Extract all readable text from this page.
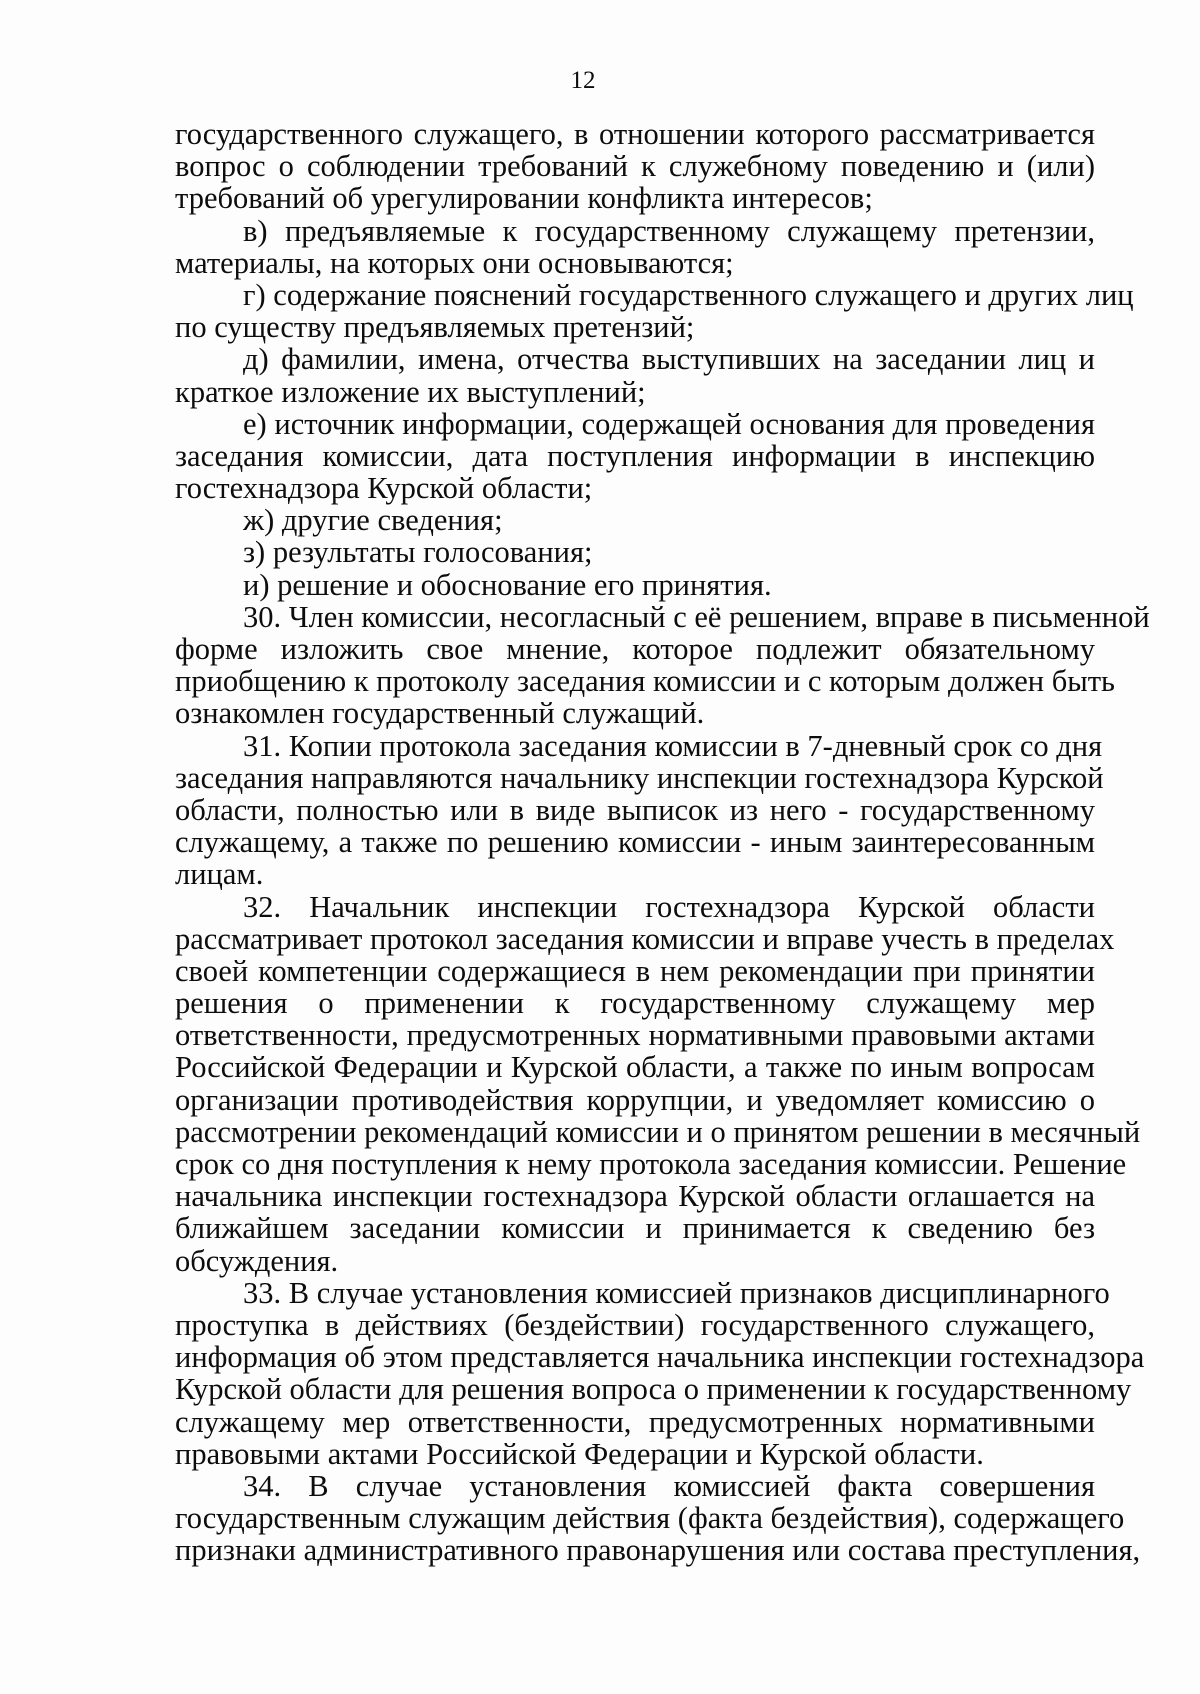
12
государственного служащего, в отношении которого рассматривается
вопрос о соблюдении требований к служебному поведению и (или)
требований об урегулировании конфликта интересов;
в) предъявляемые к государственному служащему претензии,
материалы, на которых они основываются;
г) содержание пояснений государственного служащего и других лиц
по существу предъявляемых претензий;
д) фамилии, имена, отчества выступивших на заседании лиц и
краткое изложение их выступлений;
е) источник информации, содержащей основания для проведения
заседания комиссии, дата поступления информации в инспекцию
гостехнадзора Курской области;
ж) другие сведения;
з) результаты голосования;
и) решение и обоснование его принятия.
30. Член комиссии, несогласный с её решением, вправе в письменной
форме изложить свое мнение, которое подлежит обязательному
приобщению к протоколу заседания комиссии и с которым должен быть
ознакомлен государственный служащий.
31. Копии протокола заседания комиссии в 7-дневный срок со дня
заседания направляются начальнику инспекции гостехнадзора Курской
области, полностью или в виде выписок из него - государственному
служащему, а также по решению комиссии - иным заинтересованным
лицам.
32. Начальник инспекции гостехнадзора Курской области
рассматривает протокол заседания комиссии и вправе учесть в пределах
своей компетенции содержащиеся в нем рекомендации при принятии
решения о применении к государственному служащему мер
ответственности, предусмотренных нормативными правовыми актами
Российской Федерации и Курской области, а также по иным вопросам
организации противодействия коррупции, и уведомляет комиссию о
рассмотрении рекомендаций комиссии и о принятом решении в месячный
срок со дня поступления к нему протокола заседания комиссии. Решение
начальника инспекции гостехнадзора Курской области оглашается на
ближайшем заседании комиссии и принимается к сведению без
обсуждения.
33. В случае установления комиссией признаков дисциплинарного
проступка в действиях (бездействии) государственного служащего,
информация об этом представляется начальника инспекции гостехнадзора
Курской области для решения вопроса о применении к государственному
служащему мер ответственности, предусмотренных нормативными
правовыми актами Российской Федерации и Курской области.
34. В случае установления комиссией факта совершения
государственным служащим действия (факта бездействия), содержащего
признаки административного правонарушения или состава преступления,
